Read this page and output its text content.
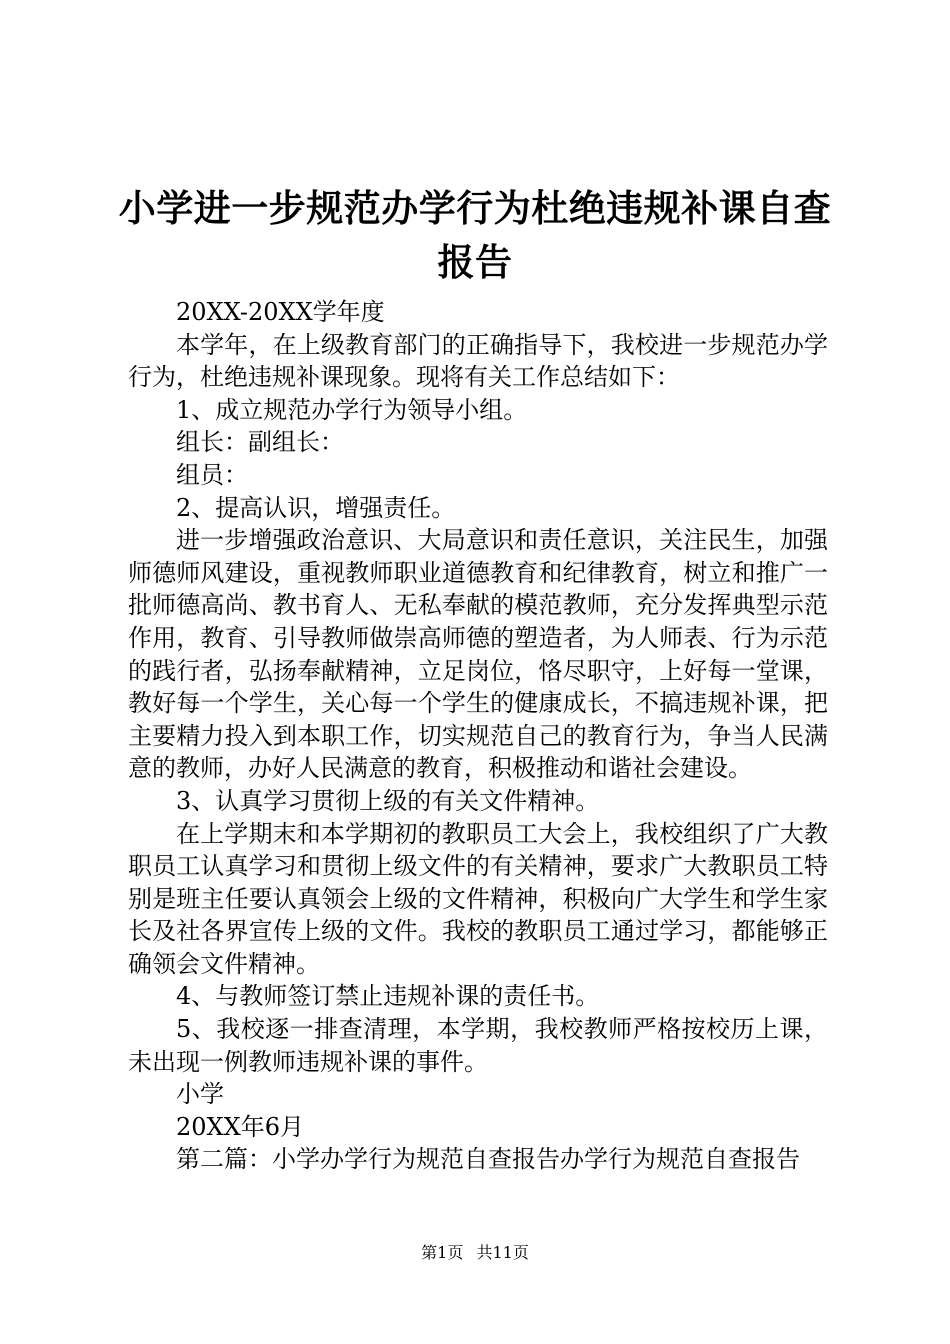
小学进一步规范办学行为杜绝违规补课自查报告

20XX-20XX学年度

本学年，在上级教育部门的正确指导下，我校进一步规范办学行为，杜绝违规补课现象。现将有关工作总结如下：

1、成立规范办学行为领导小组。

组长：副组长：

组员：

2、提高认识，增强责任。

进一步增强政治意识、大局意识和责任意识，关注民生，加强师德师风建设，重视教师职业道德教育和纪律教育，树立和推广一批师德高尚、教书育人、无私奉献的模范教师，充分发挥典型示范作用，教育、引导教师做崇高师德的塑造者，为人师表、行为示范的践行者，弘扬奉献精神，立足岗位，恪尽职守，上好每一堂课，教好每一个学生，关心每一个学生的健康成长，不搞违规补课，把主要精力投入到本职工作，切实规范自己的教育行为，争当人民满意的教师，办好人民满意的教育，积极推动和谐社会建设。

3、认真学习贯彻上级的有关文件精神。

在上学期末和本学期初的教职员工大会上，我校组织了广大教职员工认真学习和贯彻上级文件的有关精神，要求广大教职员工特别是班主任要认真领会上级的文件精神，积极向广大学生和学生家长及社各界宣传上级的文件。我校的教职员工通过学习，都能够正确领会文件精神。

4、与教师签订禁止违规补课的责任书。

5、我校逐一排查清理，本学期，我校教师严格按校历上课，未出现一例教师违规补课的事件。

小学

20XX年6月

第二篇：小学办学行为规范自查报告办学行为规范自查报告

第1页 共11页
